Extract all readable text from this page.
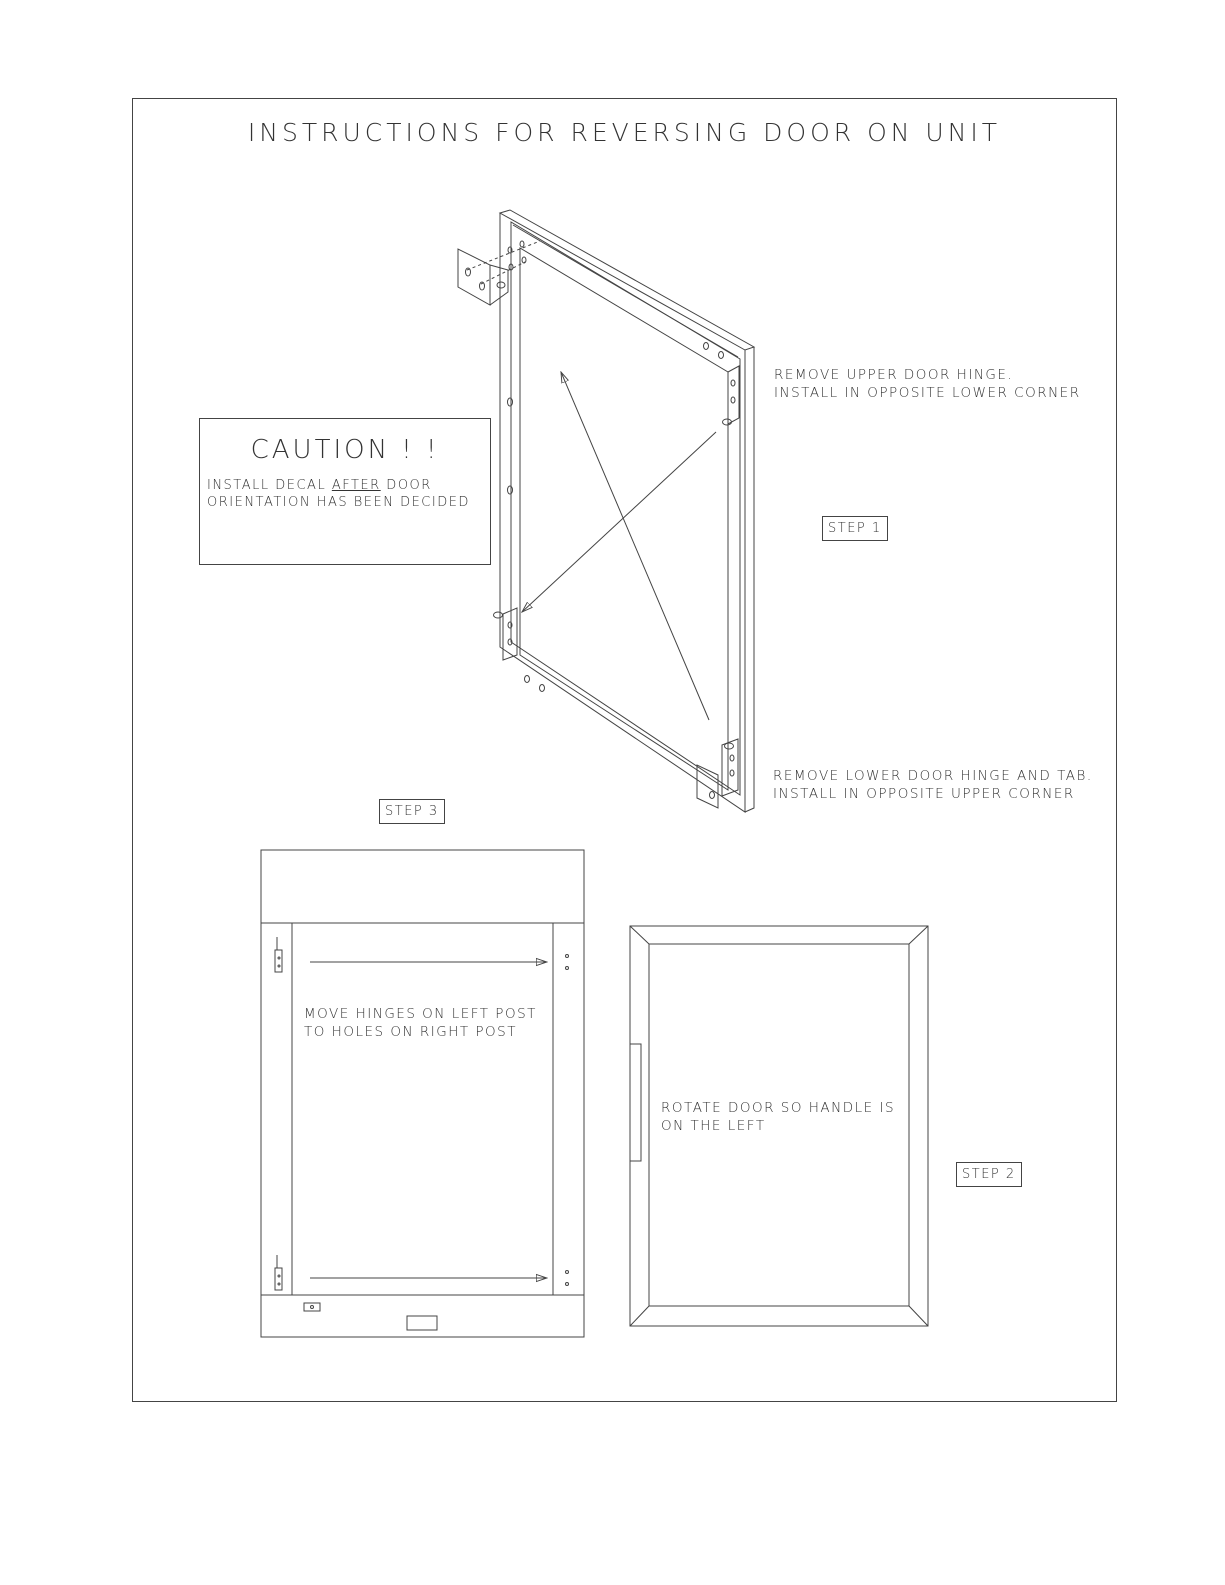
INSTRUCTIONS FOR REVERSING DOOR ON UNIT
CAUTION ! !
INSTALL DECAL AFTER DOOR
ORIENTATION HAS BEEN DECIDED
REMOVE UPPER DOOR HINGE.
INSTALL IN OPPOSITE LOWER CORNER
STEP 1
REMOVE LOWER DOOR HINGE AND TAB.
INSTALL IN OPPOSITE UPPER CORNER
STEP 3
MOVE HINGES ON LEFT POST
TO HOLES ON RIGHT POST
ROTATE DOOR SO HANDLE IS
ON THE LEFT
STEP 2
